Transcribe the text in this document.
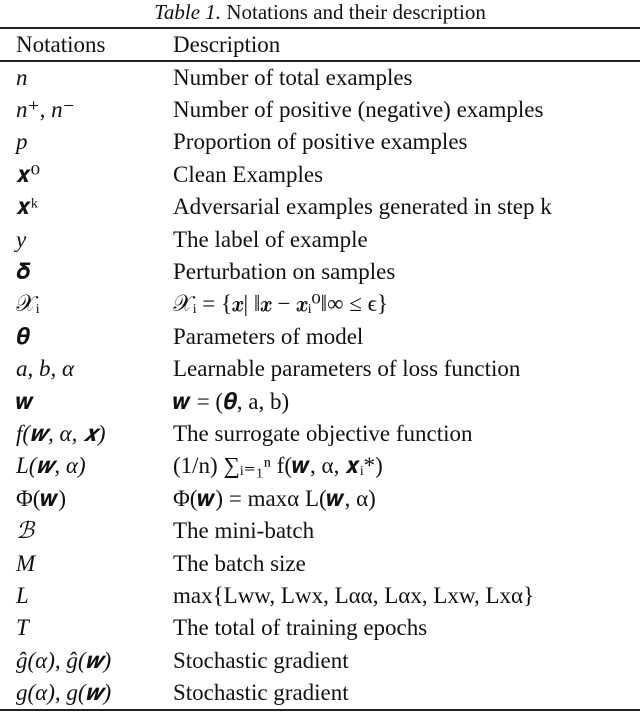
Table 1. Notations and their description
Notations	Description
n	Number of total examples
n⁺, n⁻	Number of positive (negative) examples
p	Proportion of positive examples
𝒙⁰	Clean Examples
𝒙ᵏ	Adversarial examples generated in step k
y	The label of example
𝜹	Perturbation on samples
𝒳ᵢ	𝒳ᵢ = {𝒙| ‖𝒙 − 𝒙ᵢ⁰‖∞ ≤ ϵ}
𝜽	Parameters of model
a, b, α	Learnable parameters of loss function
𝒘	𝒘 = (𝜽, a, b)
f(𝒘, α, 𝒙)	The surrogate objective function
L(𝒘, α)	(1/n) ∑ᵢ₌₁ⁿ f(𝒘, α, 𝒙ᵢ*)
Φ(𝒘)	Φ(𝒘) = maxα L(𝒘, α)
ℬ	The mini-batch
M	The batch size
L	max{Lww, Lwx, Lαα, Lαx, Lxw, Lxα}
T	The total of training epochs
ĝ(α), ĝ(𝒘)	Stochastic gradient
g(α), g(𝒘)	Stochastic gradient
